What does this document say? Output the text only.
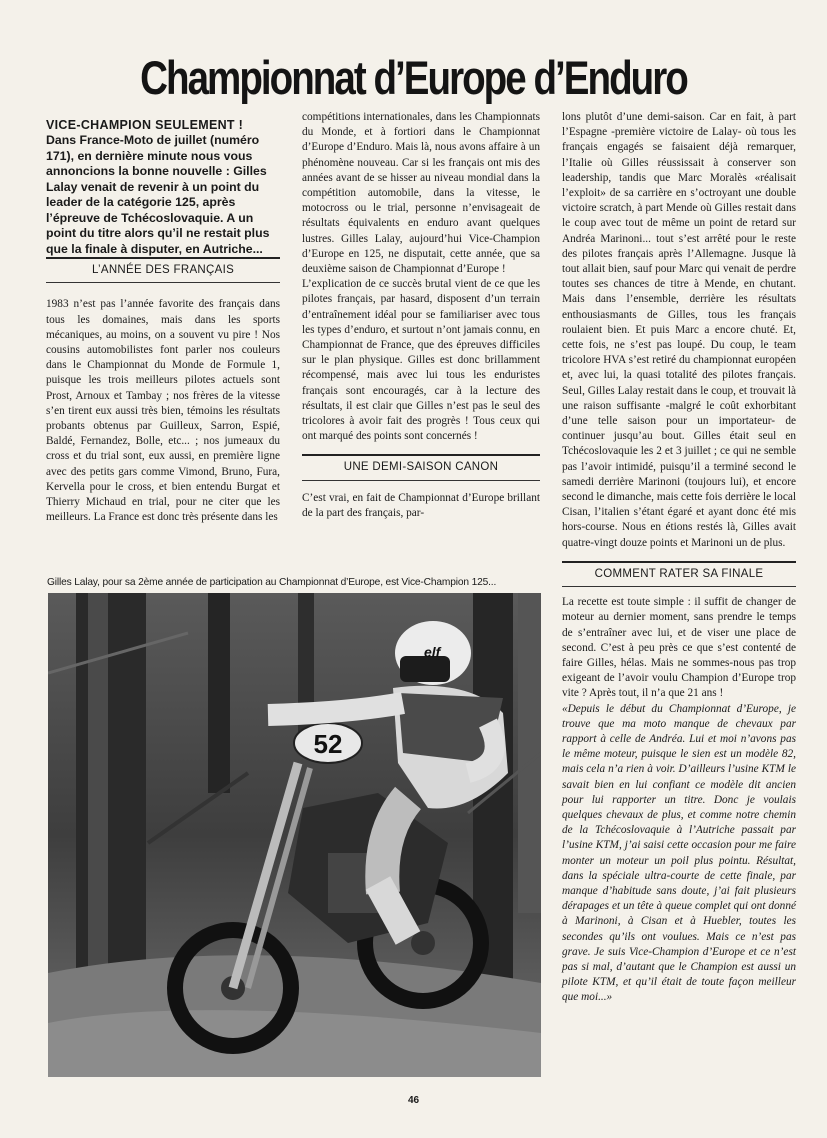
Championnat d’Europe d’Enduro

VICE-CHAMPION SEULEMENT !

Dans France-Moto de juillet (numéro 171), en dernière minute nous vous annoncions la bonne nouvelle : Gilles Lalay venait de revenir à un point du leader de la catégorie 125, après l’épreuve de Tchécoslovaquie. A un point du titre alors qu’il ne restait plus que la finale à disputer, en Autriche...

L’ANNÉE DES FRANÇAIS

1983 n’est pas l’année favorite des français dans tous les domaines, mais dans les sports mécaniques, au moins, on a souvent vu pire ! Nos cousins automobilistes font parler nos couleurs dans le Championnat du Monde de Formule 1, puisque les trois meilleurs pilotes actuels sont Prost, Arnoux et Tambay ; nos frères de la vitesse s’en tirent eux aussi très bien, témoins les résultats probants obtenus par Guilleux, Sarron, Espié, Baldé, Fernandez, Bolle, etc... ; nos jumeaux du cross et du trial sont, eux aussi, en première ligne avec des petits gars comme Vimond, Bruno, Fura, Kervella pour le cross, et bien entendu Burgat et Thierry Michaud en trial, pour ne citer que les meilleurs. La France est donc très présente dans les

compétitions internationales, dans les Championnats du Monde, et à fortiori dans le Championnat d’Europe d’Enduro. Mais là, nous avons affaire à un phénomène nouveau. Car si les français ont mis des années avant de se hisser au niveau mondial dans la compétition automobile, dans la vitesse, le motocross ou le trial, personne n’envisageait de résultats équivalents en enduro avant quelques lustres. Gilles Lalay, aujourd’hui Vice-Champion d’Europe en 125, ne disputait, cette année, que sa deuxième saison de Championnat d’Europe !

L’explication de ce succès brutal vient de ce que les pilotes français, par hasard, disposent d’un terrain d’entraînement idéal pour se familiariser avec tous les types d’enduro, et surtout n’ont jamais connu, en Championnat de France, que des épreuves difficiles sur le plan physique. Gilles est donc brillamment récompensé, mais avec lui tous les enduristes français sont encouragés, car à la lecture des résultats, il est clair que Gilles n’est pas le seul des tricolores à avoir fait des progrès ! Tous ceux qui ont marqué des points sont concernés !

UNE DEMI-SAISON CANON

C’est vrai, en fait de Championnat d’Europe brillant de la part des français, par-

lons plutôt d’une demi-saison. Car en fait, à part l’Espagne -première victoire de Lalay- où tous les français engagés se faisaient déjà remarquer, l’Italie où Gilles réussissait à conserver son leadership, tandis que Marc Moralès «réalisait l’exploit» de sa carrière en s’octroyant une double victoire scratch, à part Mende où Gilles restait dans le coup avec tout de même un point de retard sur Andréa Marinoni... tout s’est arrêté pour le reste des pilotes français après l’Allemagne. Jusque là tout allait bien, sauf pour Marc qui venait de perdre toutes ses chances de titre à Mende, en chutant. Mais dans l’ensemble, derrière les résultats enthousiasmants de Gilles, tous les français roulaient bien. Et puis Marc a encore chuté. Et, cette fois, ne s’est pas loupé. Du coup, le team tricolore HVA s’est retiré du championnat européen et, avec lui, la quasi totalité des pilotes français. Seul, Gilles Lalay restait dans le coup, et trouvait là une raison suffisante -malgré le coût exhorbitant d’une telle saison pour un importateur- de continuer jusqu’au bout. Gilles était seul en Tchécoslovaquie les 2 et 3 juillet ; ce qui ne semble pas l’avoir intimidé, puisqu’il a terminé second le samedi derrière Marinoni (toujours lui), et encore second le dimanche, mais cette fois derrière le local Cisan, l’italien s’étant égaré et ayant donc été mis hors-course. Nous en étions restés là, Gilles avait quatre-vingt douze points et Marinoni un de plus.

COMMENT RATER SA FINALE

La recette est toute simple : il suffit de changer de moteur au dernier moment, sans prendre le temps de s’entraîner avec lui, et de viser une place de second. C’est à peu près ce que s’est contenté de faire Gilles, hélas. Mais ne sommes-nous pas trop exigeant de l’avoir voulu Champion d’Europe trop vite ? Après tout, il n’a que 21 ans !

«Depuis le début du Championnat d’Europe, je trouve que ma moto manque de chevaux par rapport à celle de Andréa. Lui et moi n’avons pas le même moteur, puisque le sien est un modèle 82, mais cela n’a rien à voir. D’ailleurs l’usine KTM le savait bien en lui confiant ce modèle dit ancien pour lui rapporter un titre. Donc je voulais quelques chevaux de plus, et comme notre chemin de la Tchécoslovaquie à l’Autriche passait par l’usine KTM, j’ai saisi cette occasion pour me faire monter un moteur un poil plus pointu. Résultat, dans la spéciale ultra-courte de cette finale, par manque d’habitude sans doute, j’ai fait plusieurs dérapages et un tête à queue complet qui ont donné à Marinoni, à Cisan et à Huebler, toutes les secondes qu’ils ont voulues. Mais ce n’est pas grave. Je suis Vice-Champion d’Europe et ce n’est pas si mal, d’autant que le Champion est aussi un pilote KTM, et qu’il était de toute façon meilleur que moi...»

Gilles Lalay, pour sa 2ème année de participation au Championnat d’Europe, est Vice-Champion 125...
52
elf
46
